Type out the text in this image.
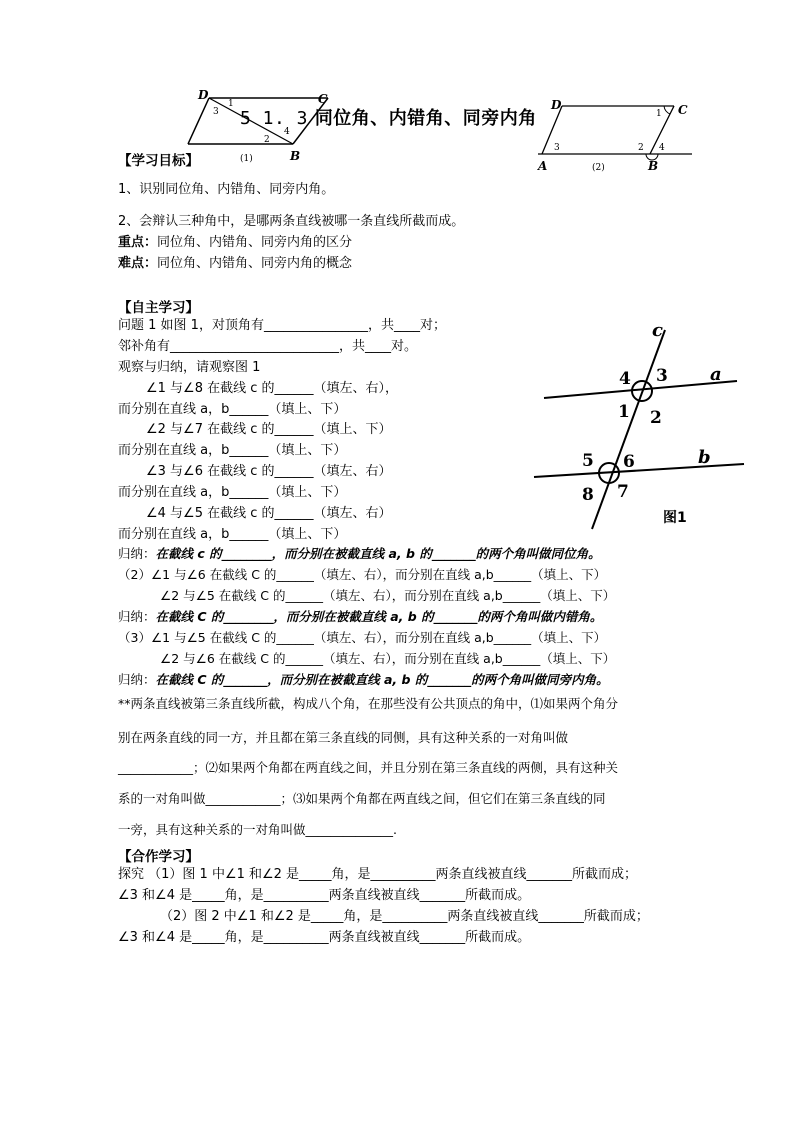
D	C
B
1
2
3
4
(1)
5 1. 3 同位角、内错角、同旁内角
D	C
A	B
1
2
3	4
(2)
【学习目标】
1、识别同位角、内错角、同旁内角。
2、会辩认三种角中，是哪两条直线被哪一条直线所截而成。
重点：同位角、内错角、同旁内角的区分
难点：同位角、内错角、同旁内角的概念
【自主学习】
问题 1 如图 1，对顶角有________________，共____对；
邻补角有__________________________，共____对。
观察与归纳，请观察图 1
∠1 与∠8 在截线 c 的______（填左、右），
而分别在直线 a，b______（填上、下）
∠2 与∠7 在截线 c 的______（填上、下）
而分别在直线 a，b______（填上、下）
∠3 与∠6 在截线 c 的______（填左、右）
而分别在直线 a，b______（填上、下）
∠4 与∠5 在截线 c 的______（填左、右）
而分别在直线 a，b______（填上、下）
归纳：在截线 c 的________，而分别在被截直线 a, b 的_______的两个角叫做同位角。
（2）∠1 与∠6 在截线 C 的______（填左、右），而分别在直线 a,b______（填上、下）
∠2 与∠5 在截线 C 的______（填左、右），而分别在直线 a,b______（填上、下）
归纳：在截线 C 的________，而分别在被截直线 a, b 的_______的两个角叫做内错角。
（3）∠1 与∠5 在截线 C 的______（填左、右），而分别在直线 a,b______（填上、下）
∠2 与∠6 在截线 C 的______（填左、右），而分别在直线 a,b______（填上、下）
归纳：在截线 C 的_______，而分别在被截直线 a, b 的_______的两个角叫做同旁内角。
**两条直线被第三条直线所截，构成八个角，在那些没有公共顶点的角中，⑴如果两个角分
别在两条直线的同一方，并且都在第三条直线的同侧，具有这种关系的一对角叫做
____________；⑵如果两个角都在两直线之间，并且分别在第三条直线的两侧，具有这种关
系的一对角叫做____________；⑶如果两个角都在两直线之间，但它们在第三条直线的同
一旁，具有这种关系的一对角叫做______________.
c
a
b
4 3
1 2
5 6
8 7
图1
【合作学习】
探究 （1）图 1 中∠1 和∠2 是_____角，是__________两条直线被直线_______所截而成；
∠3 和∠4 是_____角，是__________两条直线被直线_______所截而成。
（2）图 2 中∠1 和∠2 是_____角，是__________两条直线被直线_______所截而成；
∠3 和∠4 是_____角，是__________两条直线被直线_______所截而成。
